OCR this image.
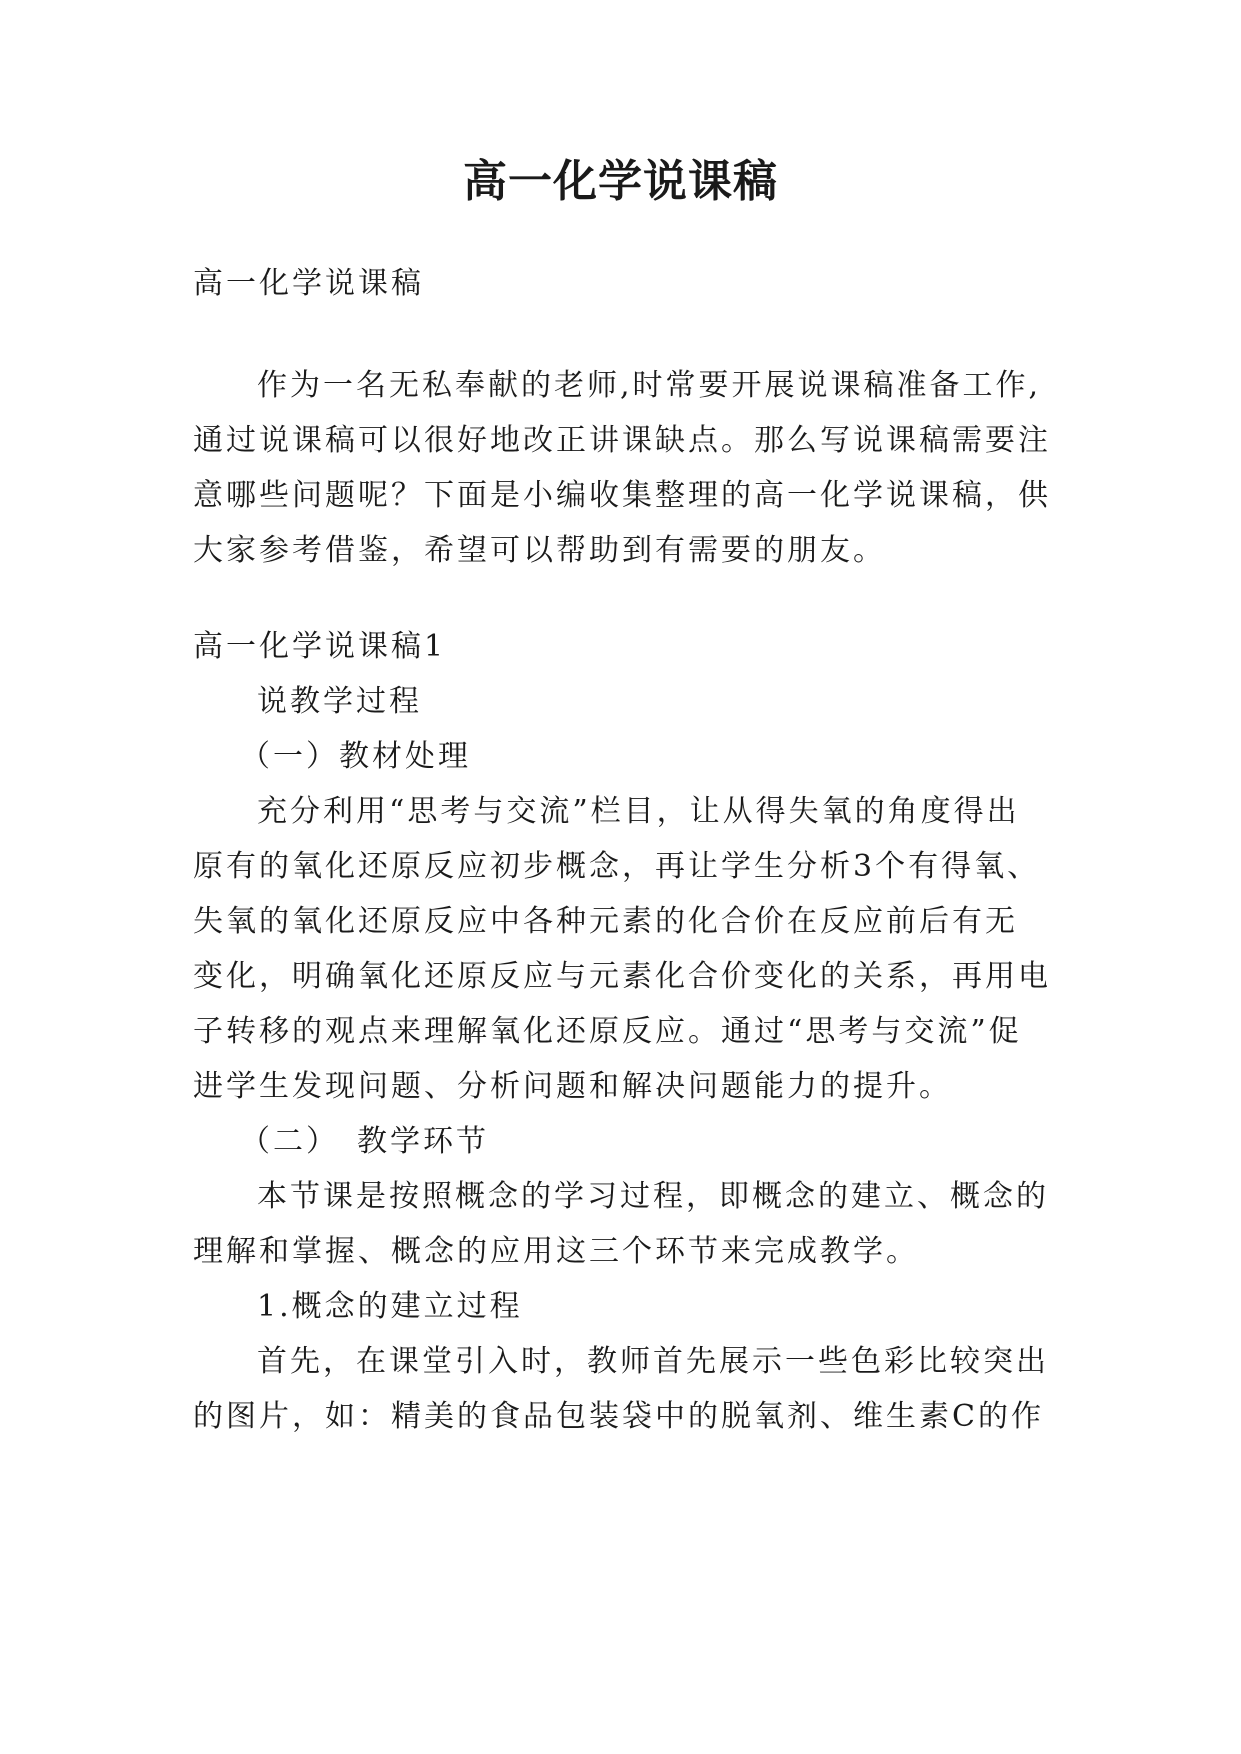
高一化学说课稿

高一化学说课稿

作为一名无私奉献的老师,时常要开展说课稿准备工作,

通过说课稿可以很好地改正讲课缺点。那么写说课稿需要注

意哪些问题呢？下面是小编收集整理的高一化学说课稿，供

大家参考借鉴，希望可以帮助到有需要的朋友。

高一化学说课稿1

说教学过程

（一）教材处理

充分利用“思考与交流”栏目，让从得失氧的角度得出

原有的氧化还原反应初步概念，再让学生分析3个有得氧、

失氧的氧化还原反应中各种元素的化合价在反应前后有无

变化，明确氧化还原反应与元素化合价变化的关系，再用电

子转移的观点来理解氧化还原反应。通过“思考与交流”促

进学生发现问题、分析问题和解决问题能力的提升。

（二）　教学环节

本节课是按照概念的学习过程，即概念的建立、概念的

理解和掌握、概念的应用这三个环节来完成教学。

1.概念的建立过程

首先，在课堂引入时，教师首先展示一些色彩比较突出

的图片，如：精美的食品包装袋中的脱氧剂、维生素C的作
